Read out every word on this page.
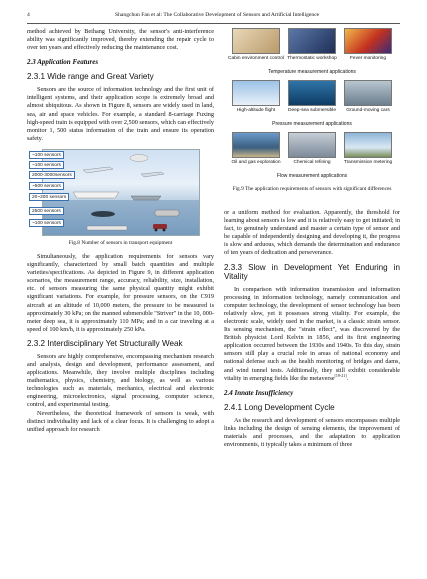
4	Shangchun Fan et al: The Collaborative Development of Sensors and Artificial Intelligence

method achieved by Beihang University, the sensor's anti-interference ability was significantly improved, thereby extending the repair cycle to over ten years and effectively reducing the maintenance cost.

2.3 Application Features
2.3.1 Wide range and Great Variety

Sensors are the source of information technology and the first unit of intelligent systems, and their application scope is extremely broad and almost ubiquitous. As shown in Figure 8, sensors are widely used in land, sea, air and space vehicles. For example, a standard 8-carriage Fuxing high-speed train is equipped with over 2,500 sensors, which can effectively monitor 1, 500 status information of the train and ensure its operation safety.

~100 sensors
~100 sensors
2000-3000sensors
~500 sensors
20~200 sensors
2500 sensors
~100 sensors
Fig.8 Number of sensors in transport equipment

Simultaneously, the application requirements for sensors vary significantly, characterized by small batch quantities and multiple varieties/specifications. As depicted in Figure 9, in different application scenarios, the measurement range, accuracy, reliability, size, installation, etc. of sensors measuring the same physical quantity might exhibit significant variations. For example, for pressure sensors, on the C919 aircraft at an altitude of 10,000 meters, the pressure to be measured is approximately 30 kPa; on the manned submersible "Striver" in the 10, 000-meter deep sea, it is approximately 110 MPa; and in a car traveling at a speed of 100 km/h, it is approximately 250 kPa.

2.3.2 Interdisciplinary Yet Structurally Weak

Sensors are highly comprehensive, encompassing mechanism research and analysis, design and development, performance assessment, and applications. Meanwhile, they involve multiple disciplines including mathematics, physics, chemistry, and biology, as well as various technologies such as materials, mechanics, electrical and electronic engineering, microelectronics, signal processing, computer science, control, and experimental testing.

Nevertheless, the theoretical framework of sensors is weak, with distinct individuality and lack of a clear focus. It is challenging to adopt a unified approach for research

Cabin environment control Thermostatic workshop	Fever monitoring
Temperature measurement applications
High-altitude flight	Deep-sea submersible	Ground-moving cars
Pressure measurement applications
Oil and gas exploration	Chemical refining	Transmission metering
Flow measurement applications
Fig.9 The application requirements of sensors with significant differences

or a uniform method for evaluation. Apparently, the threshold for learning about sensors is low and it is relatively easy to get initiated; in fact, to genuinely understand and master a certain type of sensor and be capable of independently designing and developing it, the progress is slow and arduous, which demands the determination and endurance of ten years of dedication and perseverance.

2.3.3 Slow in Development Yet Enduring in Vitality

In comparison with information transmission and information processing in information technology, namely communication and computer technology, the development of sensor technology has been relatively slow, yet it possesses strong vitality. For example, the electronic scale, widely used in the market, is a classic strain sensor. Its sensing mechanism, the "strain effect", was discovered by the British physicist Lord Kelvin in 1856, and its first engineering application occurred between the 1930s and 1940s. To this day, strain sensors still play a crucial role in areas of national economy and national defense such as the health monitoring of bridges and dams, and wind tunnel tests. Additionally, they still exhibit considerable vitality in emerging fields like the metaverse[19-21].

2.4 Innate Insufficiency
2.4.1 Long Development Cycle

As the research and development of sensors encompasses multiple links including the design of sensing elements, the improvement of materials and processes, and the adaptation to application environments, it typically takes a minimum of three
